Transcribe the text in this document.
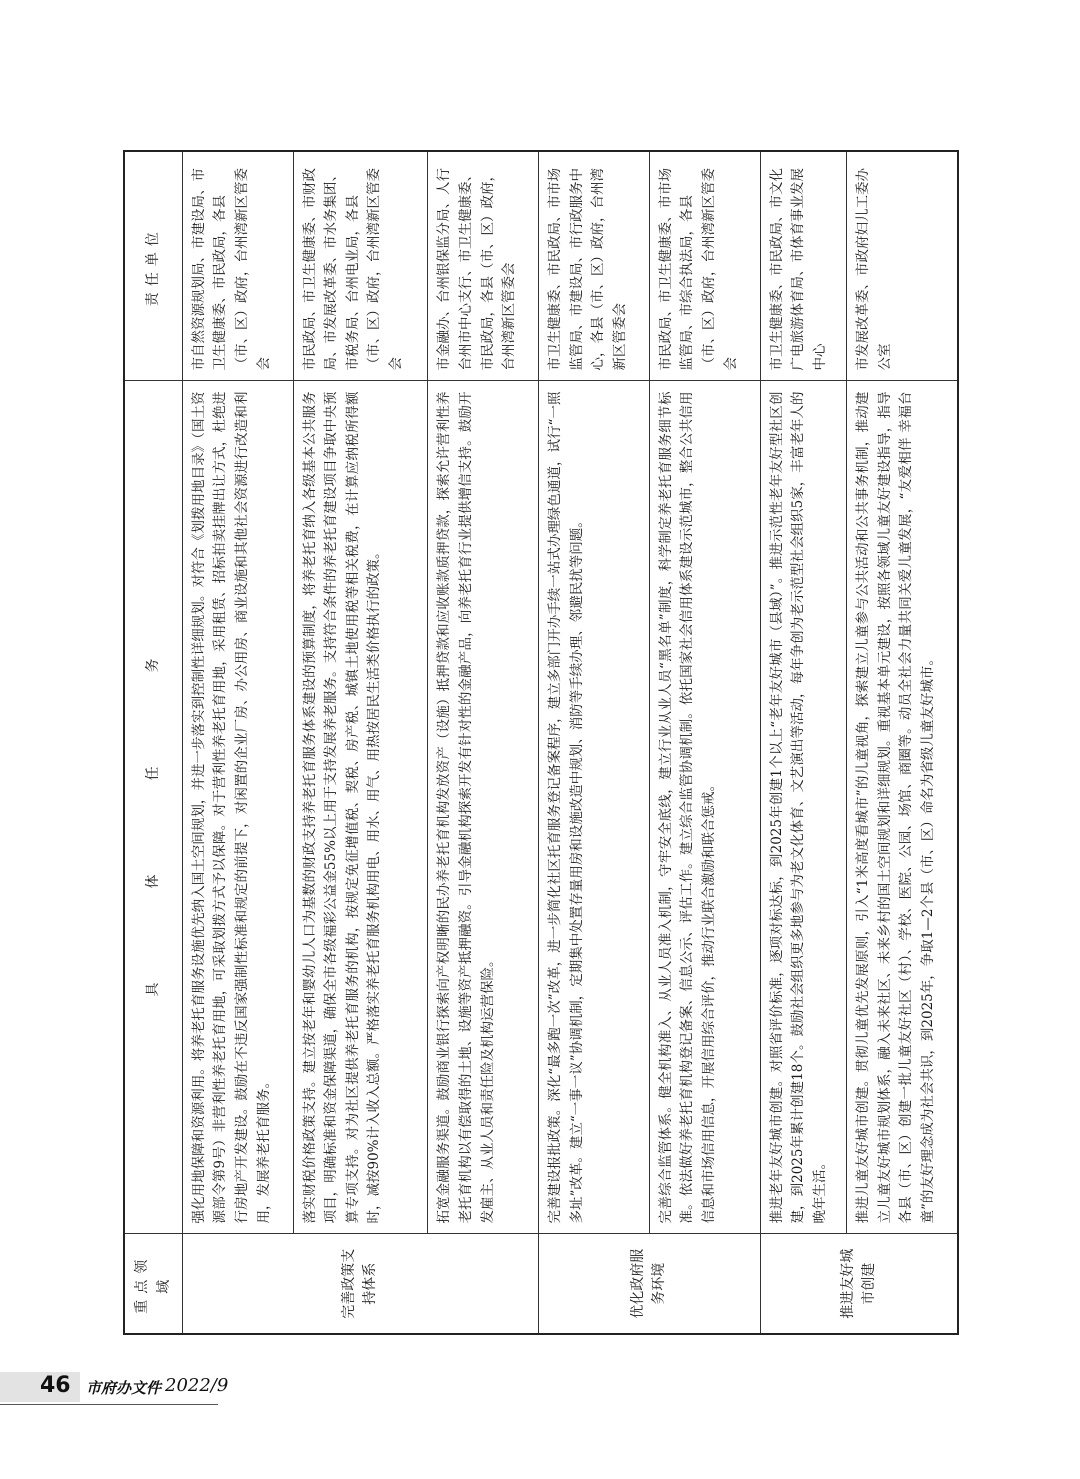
重点领域	具　体　任　务	责任单位
完善政策支持体系	强化用地保障和资源利用。将养老托育服务设施优先纳入国土空间规划，并进一步落实到控制性详细规划。对符合《划拨用地目录》（国土资源部令第9号）非营利性养老托育用地，可采取划拨方式予以保障。对于营利性养老托育用地，采用租赁、招标拍卖挂牌出让方式，杜绝进行房地产开发建设。鼓励在不违反国家强制性标准和规定的前提下，对闲置的企业厂房、办公用房、商业设施和其他社会资源进行改造和利用，发展养老托育服务。	市自然资源规划局、市建设局、市卫生健康委、市民政局，各县（市、区）政府，台州湾新区管委会
	落实财税价格政策支持。建立按老年和婴幼儿人口为基数的财政支持养老托育服务体系建设的预算制度，将养老托育纳入各级基本公共服务项目，明确标准和资金保障渠道，确保全市各级福彩公益金55%以上用于支持发展养老服务。支持符合条件的养老托育建设项目争取中央预算专项支持。对为社区提供养老托育服务的机构，按规定免征增值税、契税、房产税、城镇土地使用税等相关税费，在计算应纳税所得额时，减按90%计入收入总额。严格落实养老托育服务机构用电、用水、用气、用热按居民生活类价格执行的政策。	市民政局、市卫生健康委、市财政局、市发展改革委、市水务集团、市税务局、台州电业局，各县（市、区）政府，台州湾新区管委会
	拓宽金融服务渠道。鼓励商业银行探索向产权明晰的民办养老托育机构发放资产（设施）抵押贷款和应收账款质押贷款，探索允许营利性养老托育机构以有偿取得的土地、设施等资产抵押融资。引导金融机构探索开发有针对性的金融产品，向养老托育行业提供增信支持。鼓励开发雇主、从业人员和责任险及机构运营保险。	市金融办、台州银保监分局、人行台州市中心支行、市卫生健康委、市民政局，各县（市、区）政府，台州湾新区管委会
优化政府服务环境	完善建设报批政策。深化“最多跑一次”改革，进一步简化社区托育服务登记备案程序，建立多部门开办手续一站式办理绿色通道，试行“一照多址”改革。建立“一事一议”协调机制，定期集中处置存量用房和设施改造中规划、消防等手续办理、邻避民扰等问题。	市卫生健康委、市民政局、市市场监管局、市建设局、市行政服务中心，各县（市、区）政府，台州湾新区管委会
	完善综合监管体系。健全机构准入、从业人员准入机制，守牢安全底线，建立行业从业人员“黑名单”制度，科学制定养老托育服务细节标准。依法做好养老托育机构登记备案、信息公示、评估工作。建立综合监管协调机制。依托国家社会信用体系建设示范城市，整合公共信用信息和市场信用信息，开展信用综合评价，推动行业联合激励和联合惩戒。	市民政局、市卫生健康委、市市场监管局、市综合执法局，各县（市、区）政府，台州湾新区管委会
推进友好城市创建	推进老年友好城市创建。对照省评价标准，逐项对标达标，到2025年创建1个以上“老年友好城市（县域）”。推进示范性老年友好型社区创建，到2025年累计创建18个。鼓励社会组织更多地参与为老文化体育、文艺演出等活动，每年争创为老示范型社会组织5家，丰富老年人的晚年生活。	市卫生健康委、市民政局、市文化广电旅游体育局、市体育事业发展中心
	推进儿童友好城市创建。贯彻儿童优先发展原则，引入“1米高度看城市”的儿童视角，探索建立儿童参与公共活动和公共事务机制，推动建立儿童友好城市规划体系，融入未来社区、未来乡村的国土空间规划和详细规划。重视基本单元建设，按照各领域儿童友好建设指导，指导各县（市、区）创建一批儿童友好社区（村）、学校、医院、公园、场馆、商圈等。动员全社会力量共同关爱儿童发展，“友爱相伴 幸福台童”的友好理念成为社会共识，到2025年，争取1—2个县（市、区）命名为省级儿童友好城市。	市发展改革委、市政府妇儿工委办公室
46 市府办文件 2022/9
